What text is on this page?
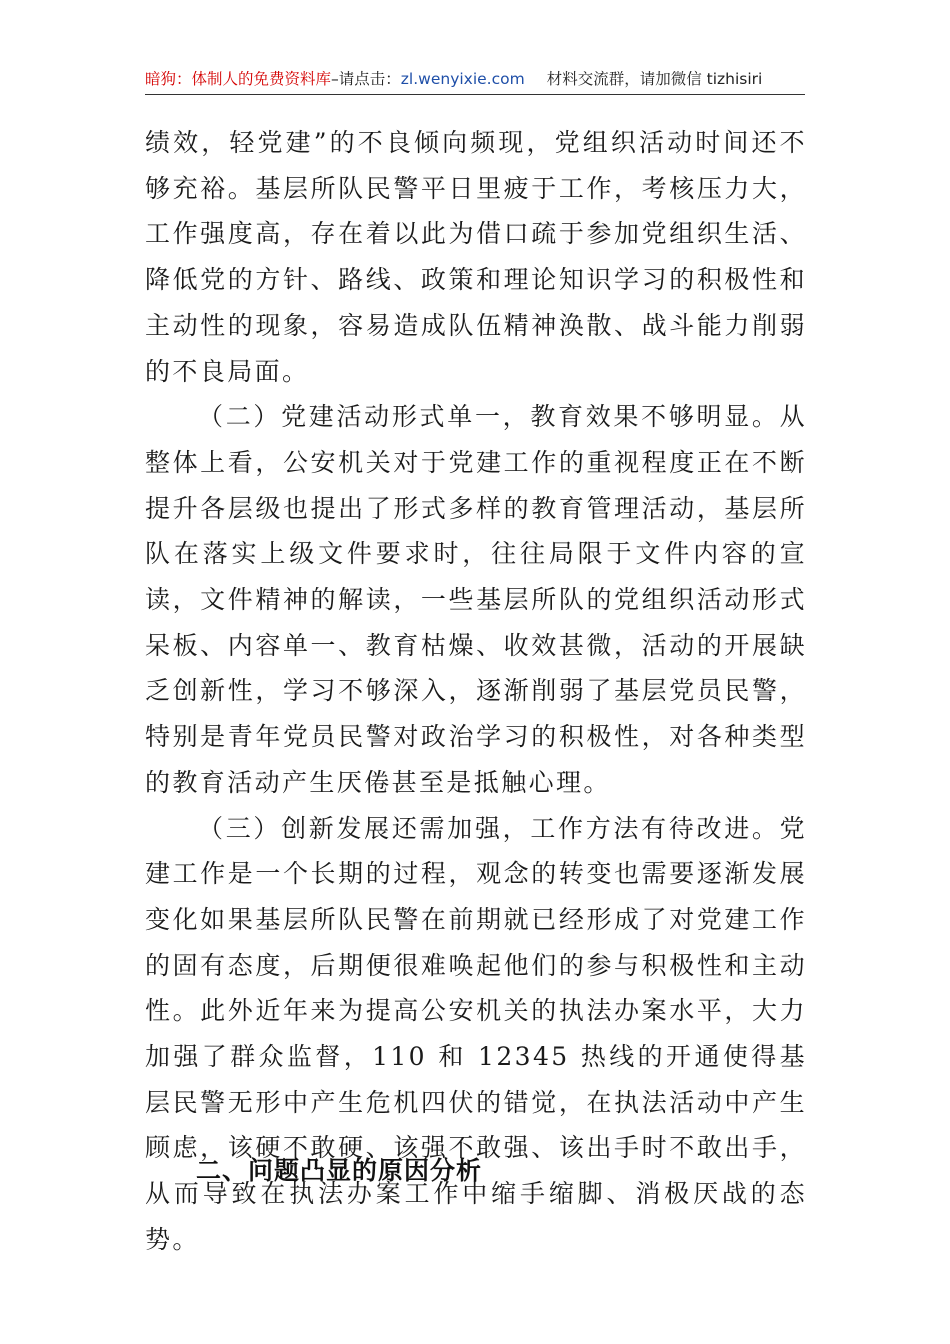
暗狗：体制人的免费资料库–请点击：zl.wenyixie.com 材料交流群，请加微信 tizhisiri

绩效，轻党建”的不良倾向频现，党组织活动时间还不够充裕。基层所队民警平日里疲于工作，考核压力大，工作强度高，存在着以此为借口疏于参加党组织生活、降低党的方针、路线、政策和理论知识学习的积极性和主动性的现象，容易造成队伍精神涣散、战斗能力削弱的不良局面。

（二）党建活动形式单一，教育效果不够明显。从整体上看，公安机关对于党建工作的重视程度正在不断提升各层级也提出了形式多样的教育管理活动，基层所队在落实上级文件要求时，往往局限于文件内容的宣读，文件精神的解读，一些基层所队的党组织活动形式呆板、内容单一、教育枯燥、收效甚微，活动的开展缺乏创新性，学习不够深入，逐渐削弱了基层党员民警，特别是青年党员民警对政治学习的积极性，对各种类型的教育活动产生厌倦甚至是抵触心理。

（三）创新发展还需加强，工作方法有待改进。党建工作是一个长期的过程，观念的转变也需要逐渐发展变化如果基层所队民警在前期就已经形成了对党建工作的固有态度，后期便很难唤起他们的参与积极性和主动性。此外近年来为提高公安机关的执法办案水平，大力加强了群众监督，110 和 12345 热线的开通使得基层民警无形中产生危机四伏的错觉，在执法活动中产生顾虑，该硬不敢硬、该强不敢强、该出手时不敢出手，从而导致在执法办案工作中缩手缩脚、消极厌战的态势。

二、问题凸显的原因分析
